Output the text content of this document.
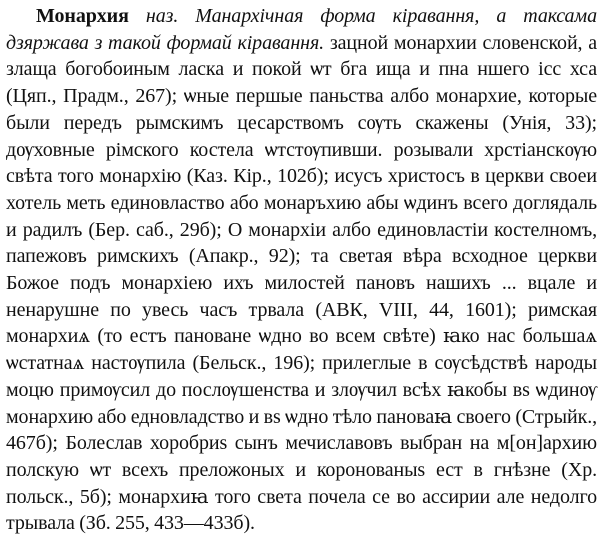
Монархия наз. Манархічная форма кіравання, а таксама дзяржава з такой формай кіравання. зацной монархии словенской, а злаща богобоиным ласка и покой ѡт бга ища и пна ншего ісс хса (Цяп., Прадм., 267); ѡные першые паньства албо монархие, которые были передъ рымскимъ цесарствомъ сѹть скажены (Унія, 33); дѹховные рімского костела ѡтстѹпивши. розывали хрстіанскѹю свѣта того монархію (Каз. Кір., 102б); исусъ христосъ в церкви своеи хотель меть единовластво або монаръхию абы ѡдинъ всего доглядаль и радилъ (Бер. саб., 29б); О монархіи албо единовластіи костелномъ, папежовъ римскихъ (Апакр., 92); та светая вѣра всходное церкви Божое подъ монархіею ихъ милостей пановъ нашихъ ... вцале и ненарушне по увесь часъ трвала (АВК, VIII, 44, 1601); римская монархиѧ (то естъ пановане ѡдно во всем свѣте) ꙗко нас большаѧ ѡстатнаѧ настѹпила (Бельск., 196); прилеглые в сѹсѣдствѣ народы моцю примѹсил до послѹшенства и злѹчил всѣх ꙗкобы вs ѡдинѹ монархию або едновладство и вs ѡдно тѣло пановаꙗ своего (Стрыйк., 467б); Болеслав хоробриs сынъ мечиславовъ выбран на м[он]архию полскую ѡт всехъ преложоных и коронованыs ест в гнѣзне (Хр. польск., 5б); монархиꙗ того света почела се во ассирии але недолго трывала (Зб. 255, 433—433б).
